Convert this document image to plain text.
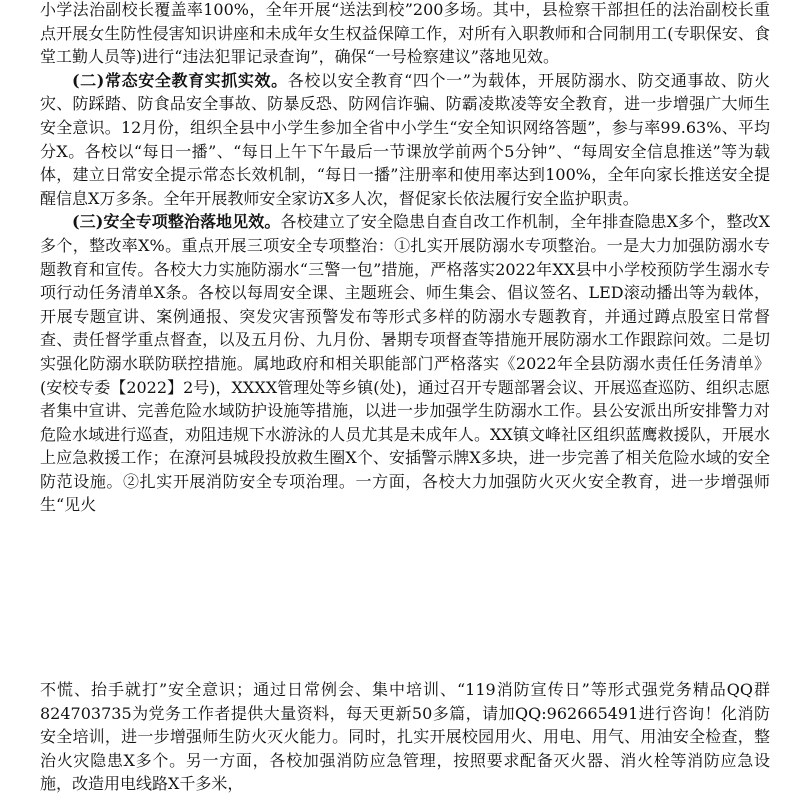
小学法治副校长覆盖率100%，全年开展“送法到校”200多场。其中，县检察干部担任的法治副校长重点开展女生防性侵害知识讲座和未成年女生权益保障工作，对所有入职教师和合同制用工(专职保安、食堂工勤人员等)进行“违法犯罪记录查询”，确保“一号检察建议”落地见效。

(二)常态安全教育实抓实效。各校以安全教育“四个一”为载体，开展防溺水、防交通事故、防火灾、防踩踏、防食品安全事故、防暴反恐、防网信诈骗、防霸凌欺凌等安全教育，进一步增强广大师生安全意识。12月份，组织全县中小学生参加全省中小学生“安全知识网络答题”，参与率99.63%、平均分X。各校以“每日一播”、“每日上午下午最后一节课放学前两个5分钟”、“每周安全信息推送”等为载体，建立日常安全提示常态长效机制，“每日一播”注册率和使用率达到100%，全年向家长推送安全提醒信息X万多条。全年开展教师安全家访X多人次，督促家长依法履行安全监护职责。

(三)安全专项整治落地见效。各校建立了安全隐患自查自改工作机制，全年排查隐患X多个，整改X多个，整改率X%。重点开展三项安全专项整治：①扎实开展防溺水专项整治。一是大力加强防溺水专题教育和宣传。各校大力实施防溺水“三警一包”措施，严格落实2022年XX县中小学校预防学生溺水专项行动任务清单X条。各校以每周安全课、主题班会、师生集会、倡议签名、LED滚动播出等为载体，开展专题宣讲、案例通报、突发灾害预警发布等形式多样的防溺水专题教育，并通过蹲点股室日常督查、责任督学重点督查，以及五月份、九月份、暑期专项督查等措施开展防溺水工作跟踪问效。二是切实强化防溺水联防联控措施。属地政府和相关职能部门严格落实《2022年全县防溺水责任任务清单》(安校专委【2022】2号)，XXXX管理处等乡镇(处)，通过召开专题部署会议、开展巡查巡防、组织志愿者集中宣讲、完善危险水域防护设施等措施，以进一步加强学生防溺水工作。县公安派出所安排警力对危险水域进行巡查，劝阻违规下水游泳的人员尤其是未成年人。XX镇文峰社区组织蓝鹰救援队，开展水上应急救援工作；在潦河县城段投放救生圈X个、安插警示牌X多块，进一步完善了相关危险水域的安全防范设施。②扎实开展消防安全专项治理。一方面，各校大力加强防火灭火安全教育，进一步增强师生“见火

不慌、抬手就打”安全意识；通过日常例会、集中培训、“119消防宣传日”等形式强党务精品QQ群824703735为党务工作者提供大量资料，每天更新50多篇，请加QQ:962665491进行咨询！化消防安全培训，进一步增强师生防火灭火能力。同时，扎实开展校园用火、用电、用气、用油安全检查，整治火灾隐患X多个。另一方面，各校加强消防应急管理，按照要求配备灭火器、消火栓等消防应急设施，改造用电线路X千多米，
